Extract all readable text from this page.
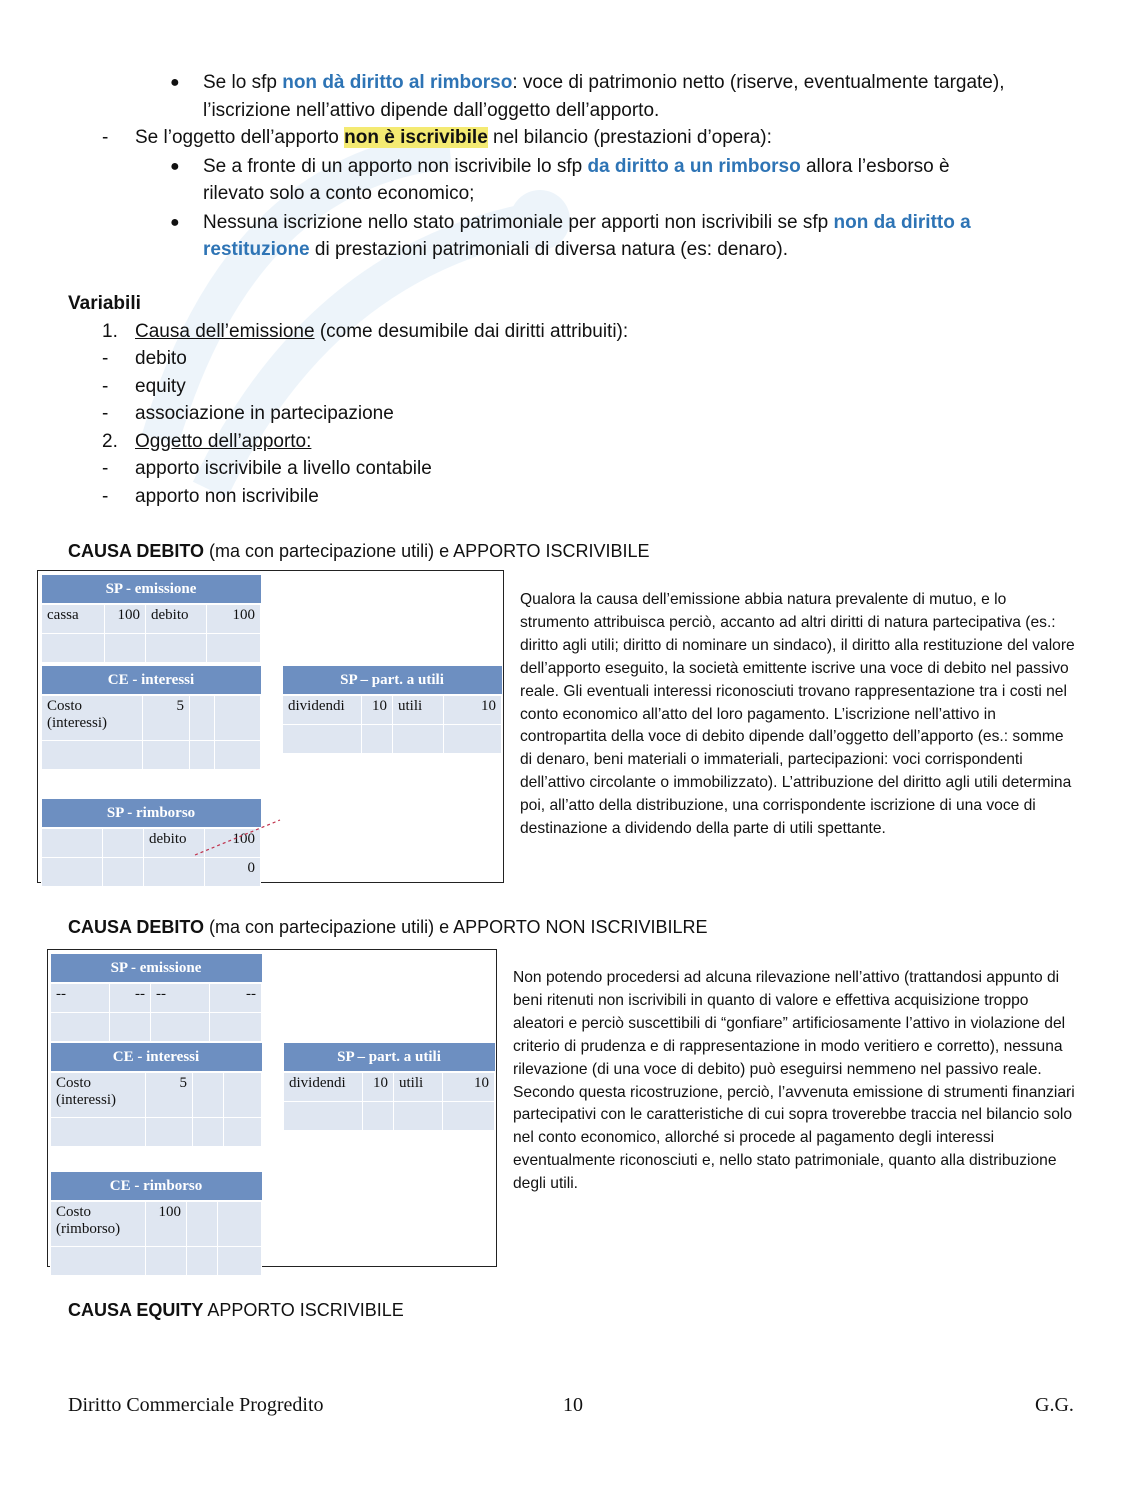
● Se lo sfp non dà diritto al rimborso: voce di patrimonio netto (riserve, eventualmente targate),
l’iscrizione nell’attivo dipende dall’oggetto dell’apporto.
- Se l’oggetto dell’apporto non è iscrivibile nel bilancio (prestazioni d’opera):
● Se a fronte di un apporto non iscrivibile lo sfp da diritto a un rimborso allora l’esborso è
rilevato solo a conto economico;
● Nessuna iscrizione nello stato patrimoniale per apporti non iscrivibili se sfp non da diritto a
restituzione di prestazioni patrimoniali di diversa natura (es: denaro).
Variabili
1. Causa dell’emissione (come desumibile dai diritti attribuiti):
- debito
- equity
- associazione in partecipazione
2. Oggetto dell’apporto:
- apporto iscrivibile a livello contabile
- apporto non iscrivibile
CAUSA DEBITO (ma con partecipazione utili) e APPORTO ISCRIVIBILE
SP - emissione			
cassa	100	debito	100

CE - interessi			
Costo (interessi)	5		

SP – part. a utili			
dividendi	10	utili	10

SP - rimborso			
		debito	100
			0
Qualora la causa dell’emissione abbia natura prevalente di mutuo, e lo strumento attribuisca perciò, accanto ad altri diritti di natura partecipativa (es.: diritto agli utili; diritto di nominare un sindaco), il diritto alla restituzione del valore dell’apporto eseguito, la società emittente iscrive una voce di debito nel passivo reale. Gli eventuali interessi riconosciuti trovano rappresentazione tra i costi nel conto economico all’atto del loro pagamento. L’iscrizione nell’attivo in contropartita della voce di debito dipende dall’oggetto dell’apporto (es.: somme di denaro, beni materiali o immateriali, partecipazioni: voci corrispondenti dell’attivo circolante o immobilizzato). L’attribuzione del diritto agli utili determina poi, all’atto della distribuzione, una corrispondente iscrizione di una voce di destinazione a dividendo della parte di utili spettante.
CAUSA DEBITO (ma con partecipazione utili) e APPORTO NON ISCRIVIBILRE
SP - emissione			
--	--	--	--

CE - interessi			
Costo (interessi)	5		

SP – part. a utili			
dividendi	10	utili	10

CE - rimborso			
Costo (rimborso)	100		

Non potendo procedersi ad alcuna rilevazione nell’attivo (trattandosi appunto di beni ritenuti non iscrivibili in quanto di valore e effettiva acquisizione troppo aleatori e perciò suscettibili di “gonfiare” artificiosamente l’attivo in violazione del criterio di prudenza e di rappresentazione in modo veritiero e corretto), nessuna rilevazione (di una voce di debito) può eseguirsi nemmeno nel passivo reale. Secondo questa ricostruzione, perciò, l’avvenuta emissione di strumenti finanziari partecipativi con le caratteristiche di cui sopra troverebbe traccia nel bilancio solo nel conto economico, allorché si procede al pagamento degli interessi eventualmente riconosciuti e, nello stato patrimoniale, quanto alla distribuzione degli utili.
CAUSA EQUITY APPORTO ISCRIVIBILE
Diritto Commerciale Progredito	10	G.G.
